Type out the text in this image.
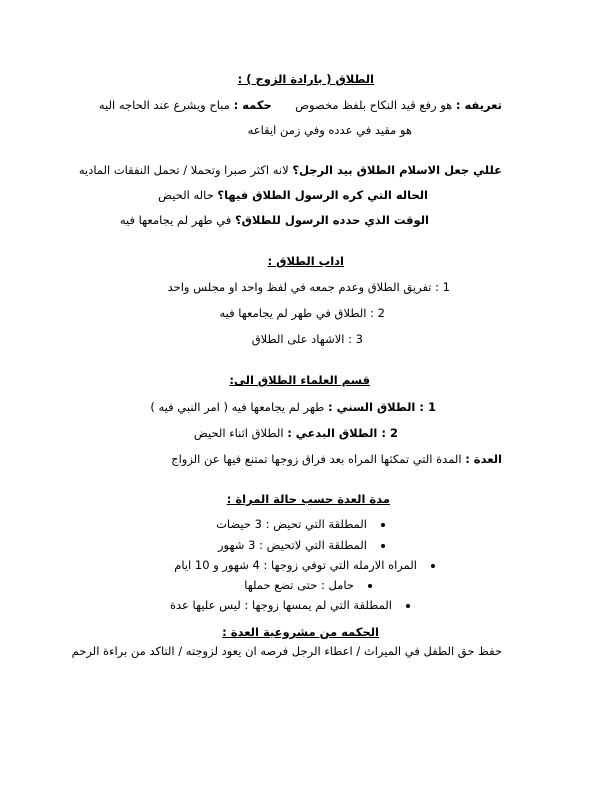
الطلاق ( بارادة الزوج ) :
تعريفه : هو رفع قيد النكاح بلفظ مخصوص  حكمه : مباح ويشرع عند الحاجه اليه
هو مقيد في عدده وفي زمن ايقاعه
عللي جعل الاسلام الطلاق بيد الرجل؟ لانه اكثر صبرا وتحملا / تحمل النفقات الماديه
الحاله التي كره الرسول الطلاق فيها؟ حاله الحيض
الوقت الذي حدده الرسول للطلاق؟ في طهر لم يجامعها فيه
اداب الطلاق :
1 : تفريق الطلاق وعدم جمعه في لفظ واحد او مجلس واحد
2 : الطلاق في طهر لم يجامعها فيه
3 : الاشهاد على الطلاق
قسم العلماء الطلاق الى:
1 : الطلاق السني : طهر لم يجامعها فيه ( امر النبي فيه )
2 : الطلاق البدعي : الطلاق اثناء الحيض
العدة : المدة التي تمكثها المراه بعد فراق زوجها تمتنع فيها عن الزواج
مدة العدة حسب حالة المراة :
المطلقة التي تحيض : 3 حيضات
المطلقة التي لاتحيض : 3 شهور
المراه الارمله التي توفي زوجها : 4 شهور و 10 ايام
حامل : حتى تضع حملها
المطلقة التي لم يمسها زوجها : ليس عليها عدة
الحكمه من مشروعية العدة :
حفظ حق الطفل في الميراث / اعطاء الرجل فرصه ان يعود لزوجته / التاكد من براءة الرحم
